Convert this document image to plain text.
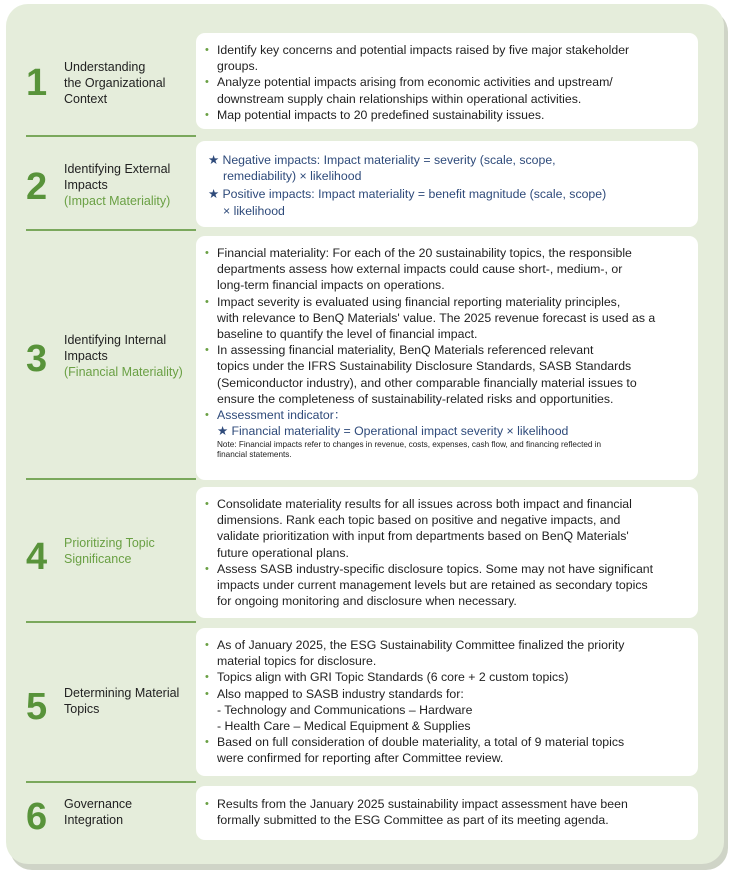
1	Understanding
the Organizational
Context
• Identify key concerns and potential impacts raised by five major stakeholder
groups.
• Analyze potential impacts arising from economic activities and upstream/
downstream supply chain relationships within operational activities.
• Map potential impacts to 20 predefined sustainability issues.
2	Identifying External
Impacts
(Impact Materiality)
★ Negative impacts: Impact materiality = severity (scale, scope,
remediability) × likelihood
★ Positive impacts: Impact materiality = benefit magnitude (scale, scope)
× likelihood
3	Identifying Internal
Impacts
(Financial Materiality)
• Financial materiality: For each of the 20 sustainability topics, the responsible
departments assess how external impacts could cause short-, medium-, or
long-term financial impacts on operations.
• Impact severity is evaluated using financial reporting materiality principles,
with relevance to BenQ Materials' value. The 2025 revenue forecast is used as a
baseline to quantify the level of financial impact.
• In assessing financial materiality, BenQ Materials referenced relevant
topics under the IFRS Sustainability Disclosure Standards, SASB Standards
(Semiconductor industry), and other comparable financially material issues to
ensure the completeness of sustainability-related risks and opportunities.
• Assessment indicator：
★ Financial materiality = Operational impact severity × likelihood
Note: Financial impacts refer to changes in revenue, costs, expenses, cash flow, and financing reflected in
financial statements.
4	Prioritizing Topic
Significance
• Consolidate materiality results for all issues across both impact and financial
dimensions. Rank each topic based on positive and negative impacts, and
validate prioritization with input from departments based on BenQ Materials'
future operational plans.
• Assess SASB industry-specific disclosure topics. Some may not have significant
impacts under current management levels but are retained as secondary topics
for ongoing monitoring and disclosure when necessary.
5	Determining Material
Topics
• As of January 2025, the ESG Sustainability Committee finalized the priority
material topics for disclosure.
• Topics align with GRI Topic Standards (6 core + 2 custom topics)
• Also mapped to SASB industry standards for:
- Technology and Communications – Hardware
- Health Care – Medical Equipment & Supplies
• Based on full consideration of double materiality, a total of 9 material topics
were confirmed for reporting after Committee review.
6	Governance
Integration
• Results from the January 2025 sustainability impact assessment have been
formally submitted to the ESG Committee as part of its meeting agenda.
